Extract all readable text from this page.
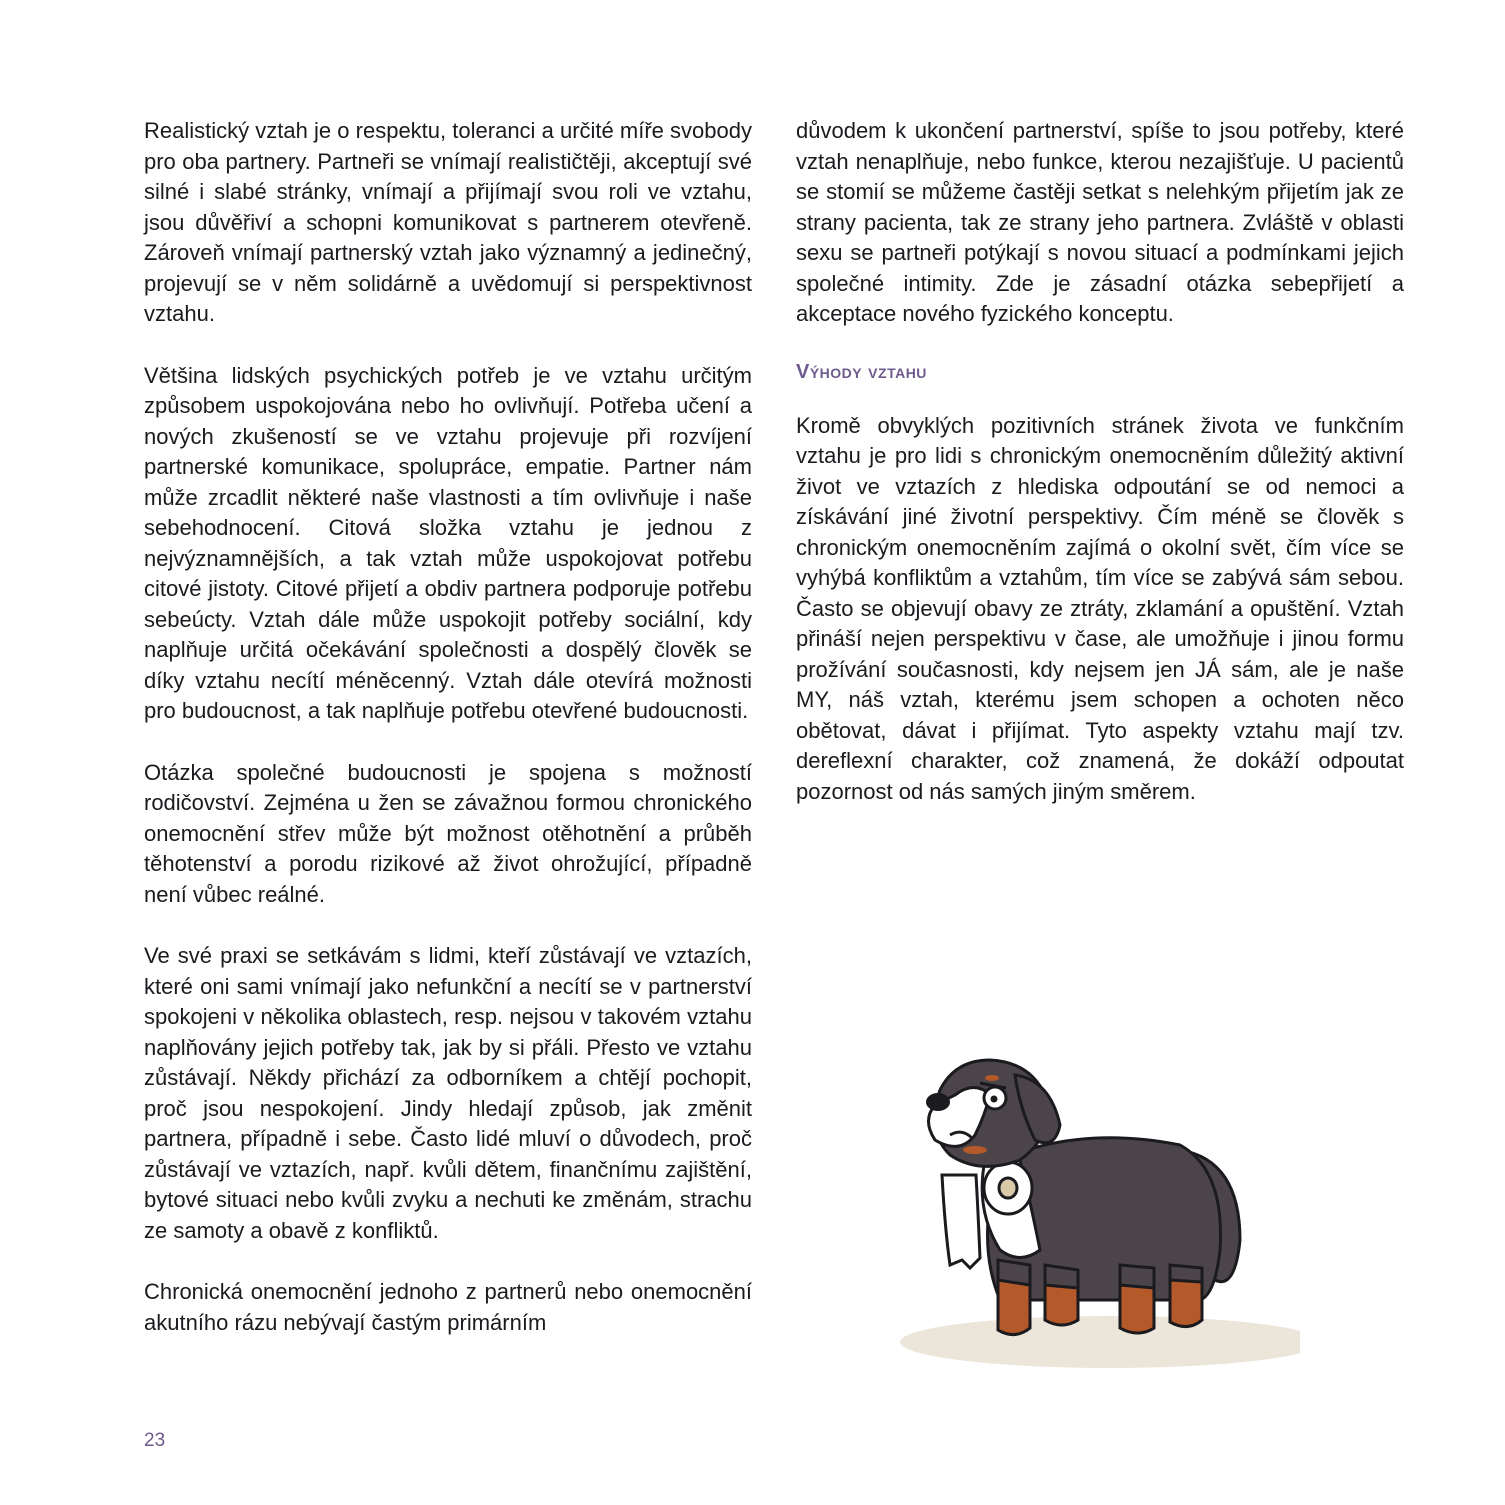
Realistický vztah je o respektu, toleranci a určité míře svobody pro oba partnery. Partneři se vnímají realističtěji, akceptují své silné i slabé stránky, vnímají a přijímají svou roli ve vztahu, jsou důvěřiví a schopni komunikovat s partnerem otevřeně. Zároveň vnímají partnerský vztah jako významný a jedinečný, projevují se v něm solidárně a uvědomují si perspektivnost vztahu.

Většina lidských psychických potřeb je ve vztahu určitým způsobem uspokojována nebo ho ovlivňují. Potřeba učení a nových zkušeností se ve vztahu projevuje při rozvíjení partnerské komunikace, spolupráce, empatie. Partner nám může zrcadlit některé naše vlastnosti a tím ovlivňuje i naše sebehodnocení. Citová složka vztahu je jednou z nejvýznamnějších, a tak vztah může uspokojovat potřebu citové jistoty. Citové přijetí a obdiv partnera podporuje potřebu sebeúcty. Vztah dále může uspokojit potřeby sociální, kdy naplňuje určitá očekávání společnosti a dospělý člověk se díky vztahu necítí méněcenný. Vztah dále otevírá možnosti pro budoucnost, a tak naplňuje potřebu otevřené budoucnosti.

Otázka společné budoucnosti je spojena s možností rodičovství. Zejména u žen se závažnou formou chronického onemocnění střev může být možnost otěhotnění a průběh těhotenství a porodu rizikové až život ohrožující, případně není vůbec reálné.

Ve své praxi se setkávám s lidmi, kteří zůstávají ve vztazích, které oni sami vnímají jako nefunkční a necítí se v partnerství spokojeni v několika oblastech, resp. nejsou v takovém vztahu naplňovány jejich potřeby tak, jak by si přáli. Přesto ve vztahu zůstávají. Někdy přichází za odborníkem a chtějí pochopit, proč jsou nespokojení. Jindy hledají způsob, jak změnit partnera, případně i sebe. Často lidé mluví o důvodech, proč zůstávají ve vztazích, např. kvůli dětem, finančnímu zajištění, bytové situaci nebo kvůli zvyku a nechuti ke změnám, strachu ze samoty a obavě z konfliktů.

Chronická onemocnění jednoho z partnerů nebo onemocnění akutního rázu nebývají častým primárním

důvodem k ukončení partnerství, spíše to jsou potřeby, které vztah nenaplňuje, nebo funkce, kterou nezajišťuje. U pacientů se stomií se můžeme častěji setkat s nelehkým přijetím jak ze strany pacienta, tak ze strany jeho partnera. Zvláště v oblasti sexu se partneři potýkají s novou situací a podmínkami jejich společné intimity. Zde je zásadní otázka sebepřijetí a akceptace nového fyzického konceptu.

Výhody vztahu

Kromě obvyklých pozitivních stránek života ve funkčním vztahu je pro lidi s chronickým onemocněním důležitý aktivní život ve vztazích z hlediska odpoutání se od nemoci a získávání jiné životní perspektivy. Čím méně se člověk s chronickým onemocněním zajímá o okolní svět, čím více se vyhýbá konfliktům a vztahům, tím více se zabývá sám sebou. Často se objevují obavy ze ztráty, zklamání a opuštění. Vztah přináší nejen perspektivu v čase, ale umožňuje i jinou formu prožívání současnosti, kdy nejsem jen JÁ sám, ale je naše MY, náš vztah, kterému jsem schopen a ochoten něco obětovat, dávat i přijímat. Tyto aspekty vztahu mají tzv. dereflexní charakter, což znamená, že dokáží odpoutat pozornost od nás samých jiným směrem.

23
